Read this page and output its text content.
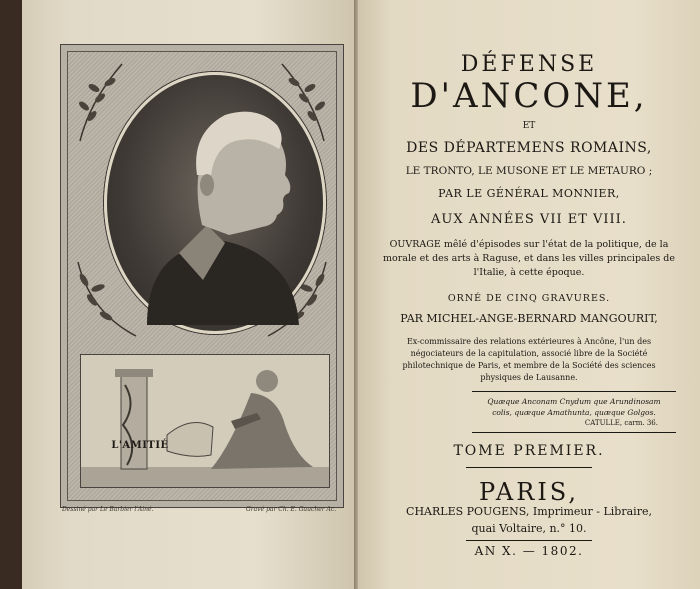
L'AMITIÉ
Dessiné par Le Barbier l'Ainé.	Gravé par Ch. E. Gaucher Ac.
DÉFENSE
D'ANCONE,
ET
DES DÉPARTEMENS ROMAINS,
LE TRONTO, LE MUSONE ET LE METAURO ;
PAR LE GÉNÉRAL MONNIER,
AUX ANNÉES VII ET VIII.
OUVRAGE mêlé d'épisodes sur l'état de la politique, de la morale et des arts à Raguse, et dans les villes principales de l'Italie, à cette époque.
ORNÉ DE CINQ GRAVURES.
PAR MICHEL-ANGE-BERNARD MANGOURIT,
Ex-commissaire des relations extérieures à Ancône, l'un des négociateurs de la capitulation, associé libre de la Société philotechnique de Paris, et membre de la Société des sciences physiques de Lausanne.
Quæque Anconam Cnydum que Arundinosam
colis, quæque Amathunta, quæque Golgos.
CATULLE, carm. 36.
TOME PREMIER.
PARIS,
CHARLES POUGENS, Imprimeur - Libraire,
quai Voltaire, n.° 10.
AN X. — 1802.
